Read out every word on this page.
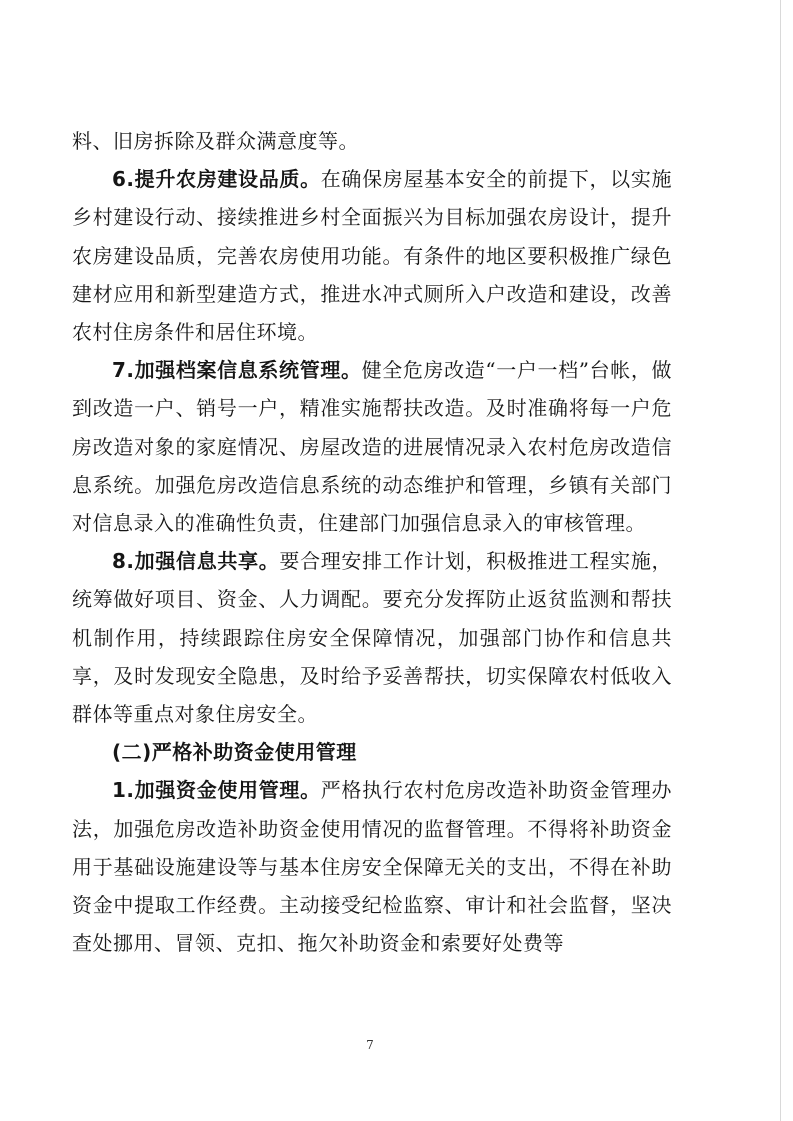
料、旧房拆除及群众满意度等。

6.提升农房建设品质。在确保房屋基本安全的前提下，以实施乡村建设行动、接续推进乡村全面振兴为目标加强农房设计，提升农房建设品质，完善农房使用功能。有条件的地区要积极推广绿色建材应用和新型建造方式，推进水冲式厕所入户改造和建设，改善农村住房条件和居住环境。

7.加强档案信息系统管理。健全危房改造“一户一档”台帐，做到改造一户、销号一户，精准实施帮扶改造。及时准确将每一户危房改造对象的家庭情况、房屋改造的进展情况录入农村危房改造信息系统。加强危房改造信息系统的动态维护和管理，乡镇有关部门对信息录入的准确性负责，住建部门加强信息录入的审核管理。

8.加强信息共享。要合理安排工作计划，积极推进工程实施，统筹做好项目、资金、人力调配。要充分发挥防止返贫监测和帮扶机制作用，持续跟踪住房安全保障情况，加强部门协作和信息共享，及时发现安全隐患，及时给予妥善帮扶，切实保障农村低收入群体等重点对象住房安全。

(二)严格补助资金使用管理

1.加强资金使用管理。严格执行农村危房改造补助资金管理办法，加强危房改造补助资金使用情况的监督管理。不得将补助资金用于基础设施建设等与基本住房安全保障无关的支出，不得在补助资金中提取工作经费。主动接受纪检监察、审计和社会监督，坚决查处挪用、冒领、克扣、拖欠补助资金和索要好处费等

7
